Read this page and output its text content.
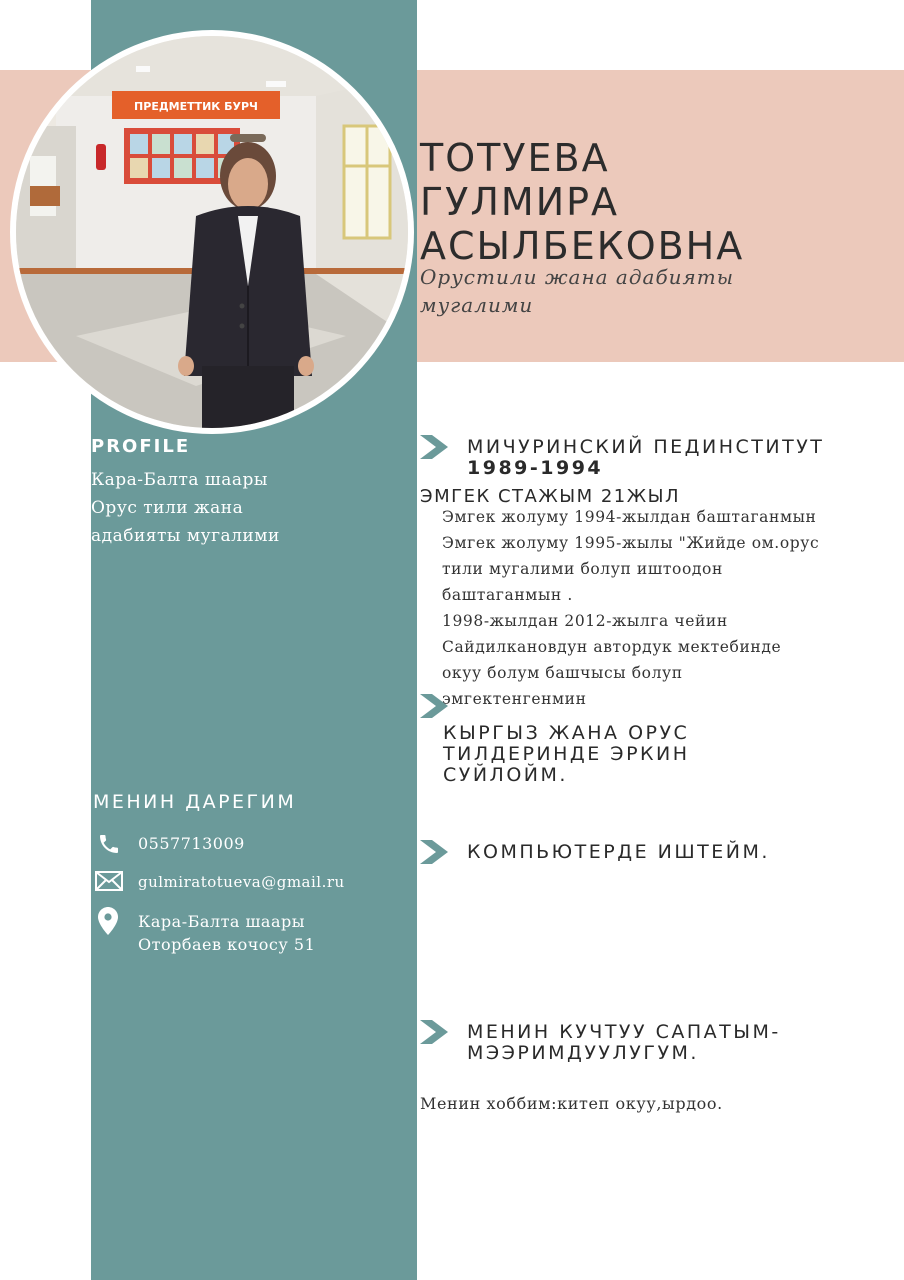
ПРЕДМЕТТИК БУРЧ
ТОТУЕВА
ГУЛМИРА
АСЫЛБЕКОВНА
Орустили жана адабияты
мугалими
PROFILE
Кара-Балта шаары
Орус тили жана
адабияты мугалими
МЕНИН ДАРЕГИМ
0557713009
gulmiratotueva@gmail.ru
Кара-Балта шаары
Оторбаев кочосу 51
МИЧУРИНСКИЙ ПЕДИНСТИТУТ
1989-1994
ЭМГЕК СТАЖЫМ 21ЖЫЛ
Эмгек жолуму 1994-жылдан баштаганмын
Эмгек жолуму 1995-жылы "Жийде ом.орус
тили мугалими болуп иштоодон
баштаганмын .
1998-жылдан 2012-жылга чейин
Сайдилкановдун автордук мектебинде
окуу болум башчысы болуп
эмгектенгенмин
КЫРГЫЗ ЖАНА ОРУС
ТИЛДЕРИНДЕ ЭРКИН
СУЙЛОЙМ.
КОМПЬЮТЕРДЕ ИШТЕЙМ.
МЕНИН КУЧТУУ САПАТЫМ-
МЭЭРИМДУУЛУГУМ.
Менин хоббим:китеп окуу,ырдоо.
